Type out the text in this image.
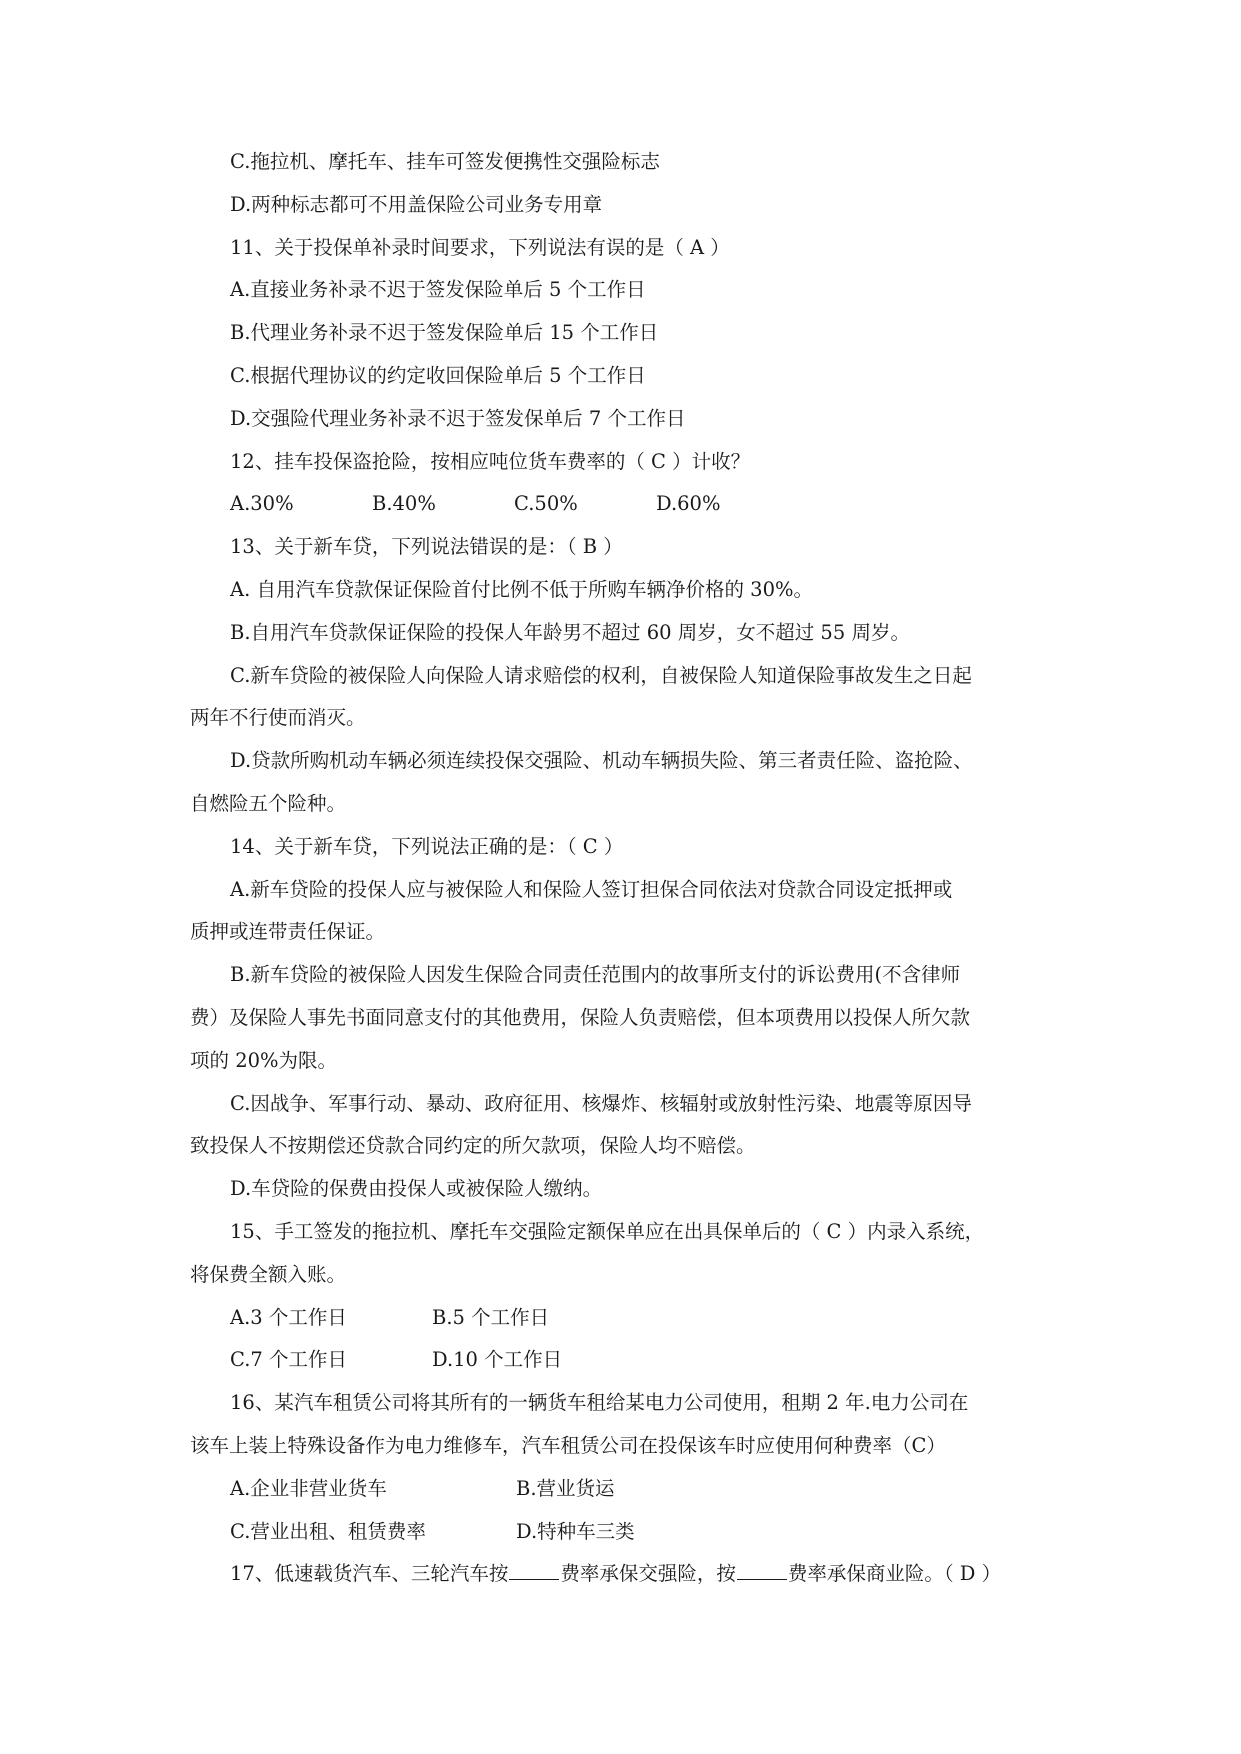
C.拖拉机、摩托车、挂车可签发便携性交强险标志
D.两种标志都可不用盖保险公司业务专用章
11、关于投保单补录时间要求，下列说法有误的是（ A ）
A.直接业务补录不迟于签发保险单后 5 个工作日
B.代理业务补录不迟于签发保险单后 15 个工作日
C.根据代理协议的约定收回保险单后 5 个工作日
D.交强险代理业务补录不迟于签发保单后 7 个工作日
12、挂车投保盗抢险，按相应吨位货车费率的（ C ）计收？
A.30%	B.40%	C.50%	D.60%
13、关于新车贷，下列说法错误的是：（ B ）
A. 自用汽车贷款保证保险首付比例不低于所购车辆净价格的 30%。
B.自用汽车贷款保证保险的投保人年龄男不超过 60 周岁，女不超过 55 周岁。
C.新车贷险的被保险人向保险人请求赔偿的权利，自被保险人知道保险事故发生之日起
两年不行使而消灭。
D.贷款所购机动车辆必须连续投保交强险、机动车辆损失险、第三者责任险、盗抢险、
自燃险五个险种。
14、关于新车贷，下列说法正确的是：（ C ）
A.新车贷险的投保人应与被保险人和保险人签订担保合同依法对贷款合同设定抵押或
质押或连带责任保证。
B.新车贷险的被保险人因发生保险合同责任范围内的故事所支付的诉讼费用(不含律师
费）及保险人事先书面同意支付的其他费用，保险人负责赔偿，但本项费用以投保人所欠款
项的 20%为限。
C.因战争、军事行动、暴动、政府征用、核爆炸、核辐射或放射性污染、地震等原因导
致投保人不按期偿还贷款合同约定的所欠款项，保险人均不赔偿。
D.车贷险的保费由投保人或被保险人缴纳。
15、手工签发的拖拉机、摩托车交强险定额保单应在出具保单后的（ C ）内录入系统，
将保费全额入账。
A.3 个工作日	B.5 个工作日
C.7 个工作日	D.10 个工作日
16、某汽车租赁公司将其所有的一辆货车租给某电力公司使用，租期 2 年.电力公司在
该车上装上特殊设备作为电力维修车，汽车租赁公司在投保该车时应使用何种费率（C）
A.企业非营业货车	B.营业货运
C.营业出租、租赁费率	D.特种车三类
17、低速载货汽车、三轮汽车按	费率承保交强险，按	费率承保商业险。（ D ）
